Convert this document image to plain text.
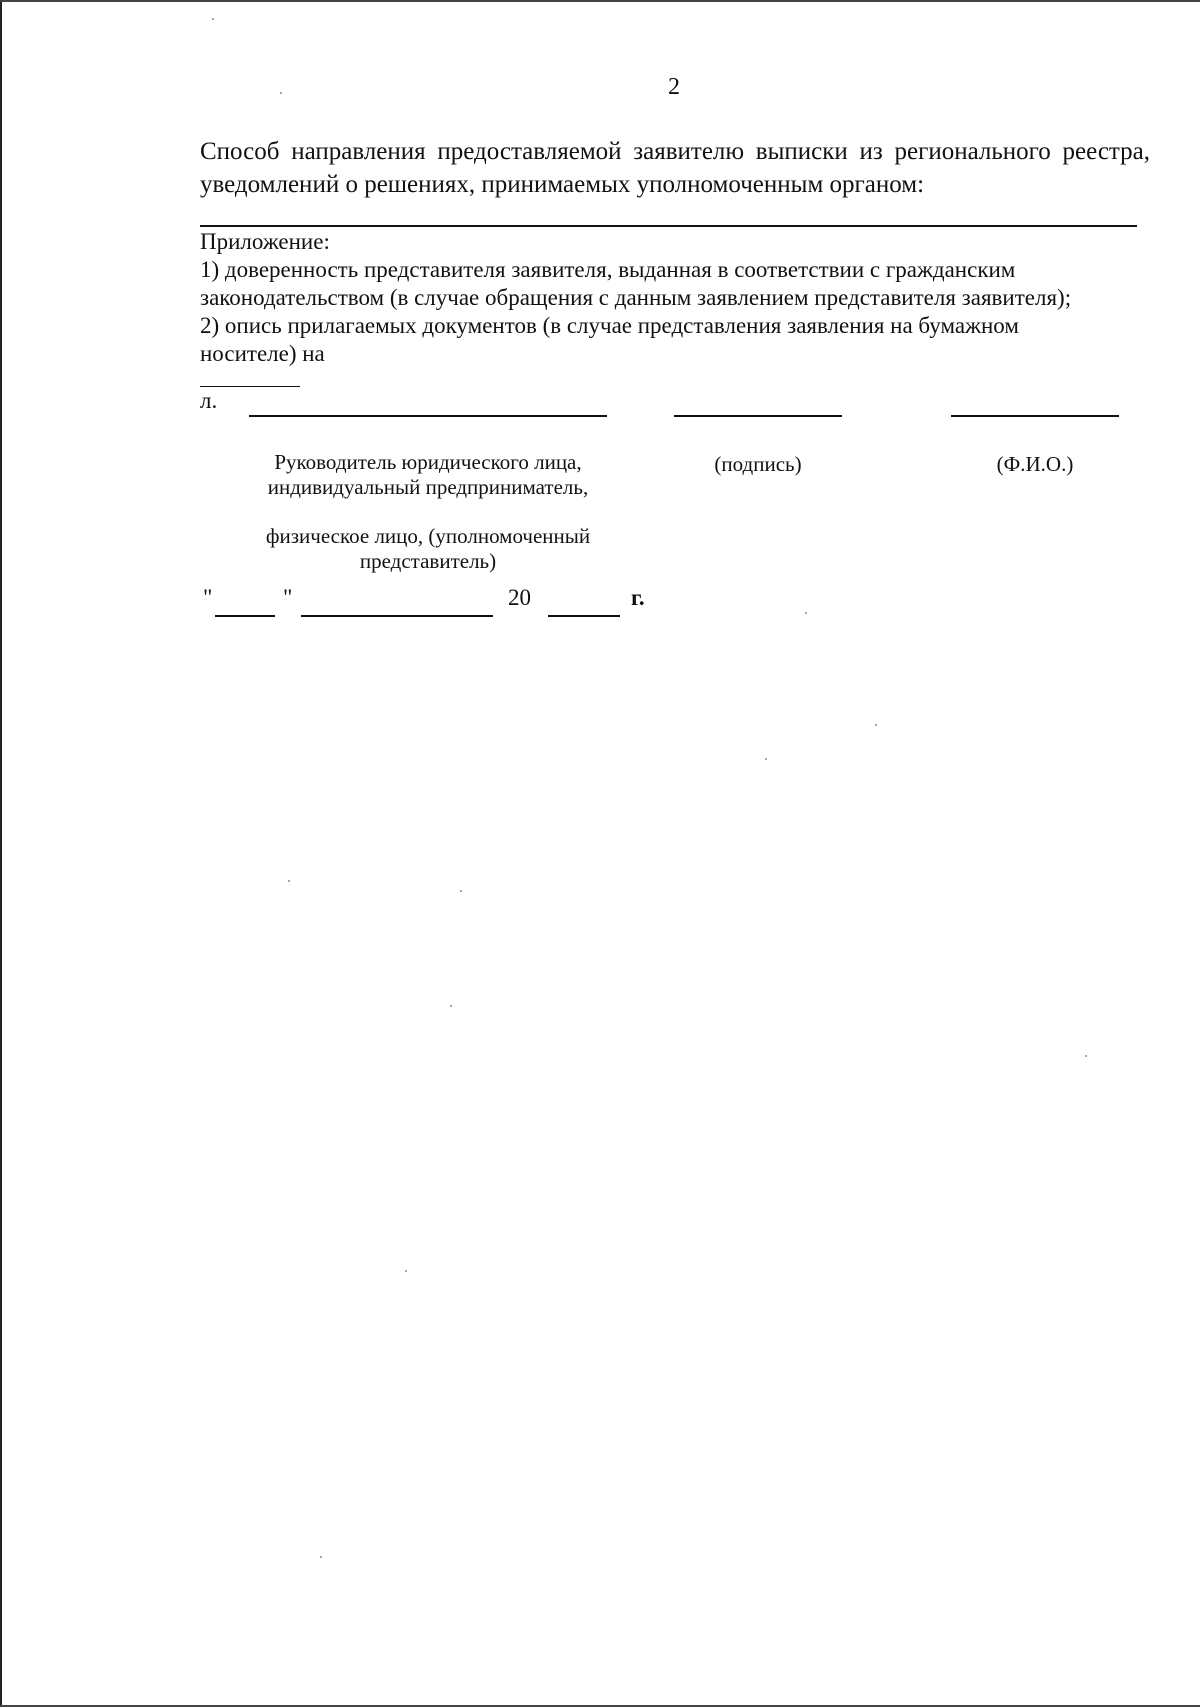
2
Способ направления предоставляемой заявителю выписки из регионального реестра,
уведомлений о решениях, принимаемых уполномоченным органом:
Приложение:
1) доверенность представителя заявителя, выданная в соответствии с гражданским
законодательством (в случае обращения с данным заявлением представителя заявителя);
2) опись прилагаемых документов (в случае представления заявления на бумажном
носителе) на
л.
Руководитель юридического лица,
индивидуальный предприниматель,
физическое лицо, (уполномоченный
представитель)
(подпись)	(Ф.И.О.)
"	"	20	г.
